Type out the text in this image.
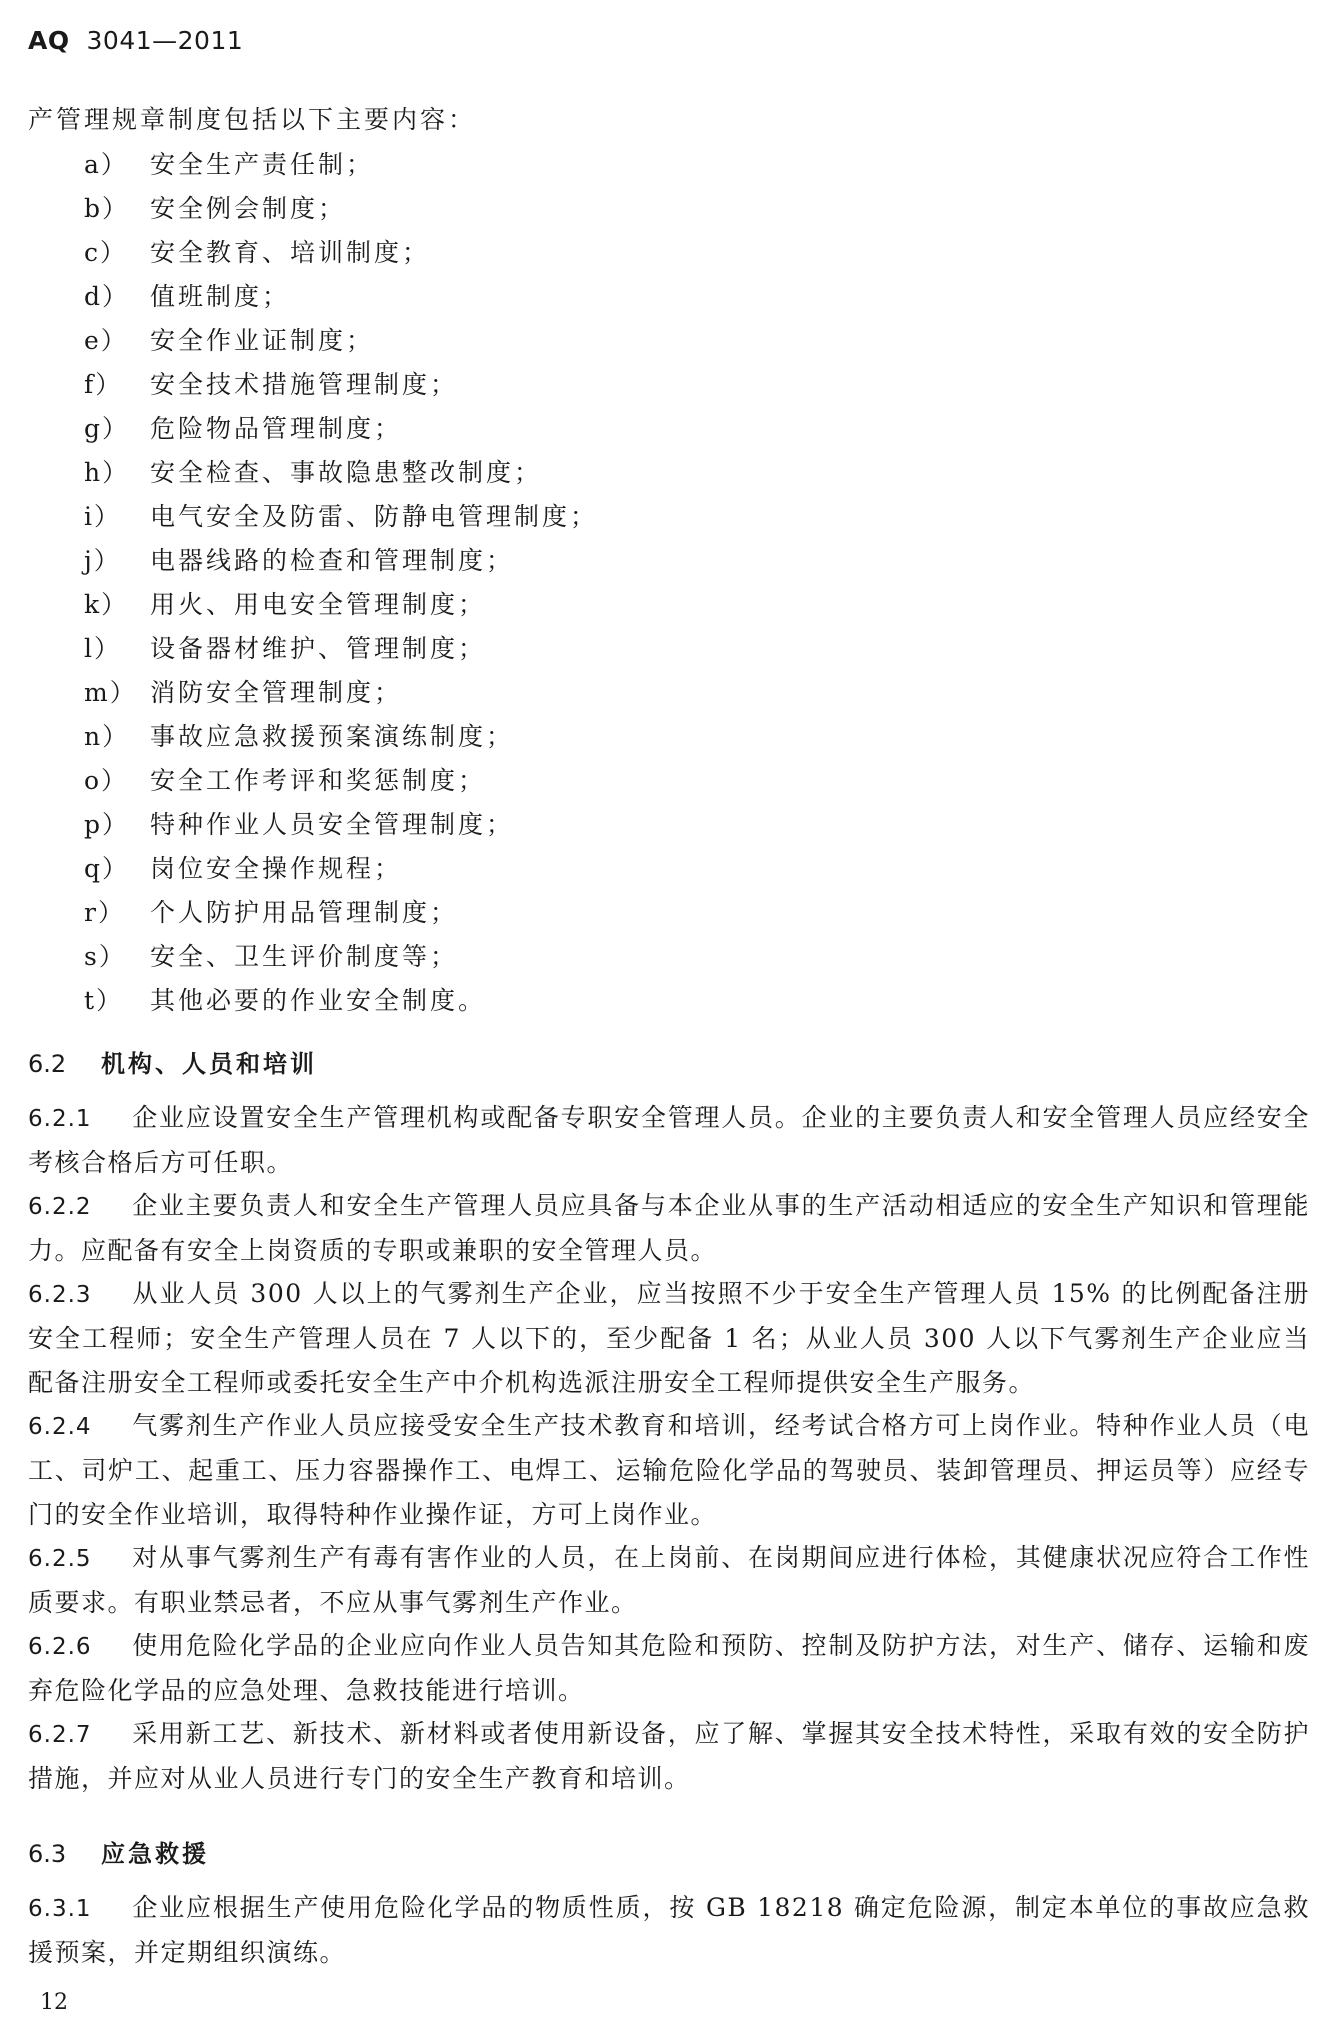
AQ 3041—2011
产管理规章制度包括以下主要内容：
a） 安全生产责任制；
b） 安全例会制度；
c） 安全教育、培训制度；
d） 值班制度；
e） 安全作业证制度；
f） 安全技术措施管理制度；
g） 危险物品管理制度；
h） 安全检查、事故隐患整改制度；
i） 电气安全及防雷、防静电管理制度；
j） 电器线路的检查和管理制度；
k） 用火、用电安全管理制度；
l） 设备器材维护、管理制度；
m） 消防安全管理制度；
n） 事故应急救援预案演练制度；
o） 安全工作考评和奖惩制度；
p） 特种作业人员安全管理制度；
q） 岗位安全操作规程；
r） 个人防护用品管理制度；
s） 安全、卫生评价制度等；
t） 其他必要的作业安全制度。
6.2 机构、人员和培训
6.2.1 企业应设置安全生产管理机构或配备专职安全管理人员。企业的主要负责人和安全管理人员应经安全考核合格后方可任职。
6.2.2 企业主要负责人和安全生产管理人员应具备与本企业从事的生产活动相适应的安全生产知识和管理能力。应配备有安全上岗资质的专职或兼职的安全管理人员。
6.2.3 从业人员 300 人以上的气雾剂生产企业，应当按照不少于安全生产管理人员 15% 的比例配备注册安全工程师；安全生产管理人员在 7 人以下的，至少配备 1 名；从业人员 300 人以下气雾剂生产企业应当配备注册安全工程师或委托安全生产中介机构选派注册安全工程师提供安全生产服务。
6.2.4 气雾剂生产作业人员应接受安全生产技术教育和培训，经考试合格方可上岗作业。特种作业人员（电工、司炉工、起重工、压力容器操作工、电焊工、运输危险化学品的驾驶员、装卸管理员、押运员等）应经专门的安全作业培训，取得特种作业操作证，方可上岗作业。
6.2.5 对从事气雾剂生产有毒有害作业的人员，在上岗前、在岗期间应进行体检，其健康状况应符合工作性质要求。有职业禁忌者，不应从事气雾剂生产作业。
6.2.6 使用危险化学品的企业应向作业人员告知其危险和预防、控制及防护方法，对生产、储存、运输和废弃危险化学品的应急处理、急救技能进行培训。
6.2.7 采用新工艺、新技术、新材料或者使用新设备，应了解、掌握其安全技术特性，采取有效的安全防护措施，并应对从业人员进行专门的安全生产教育和培训。
6.3 应急救援
6.3.1 企业应根据生产使用危险化学品的物质性质，按 GB 18218 确定危险源，制定本单位的事故应急救援预案，并定期组织演练。
12
